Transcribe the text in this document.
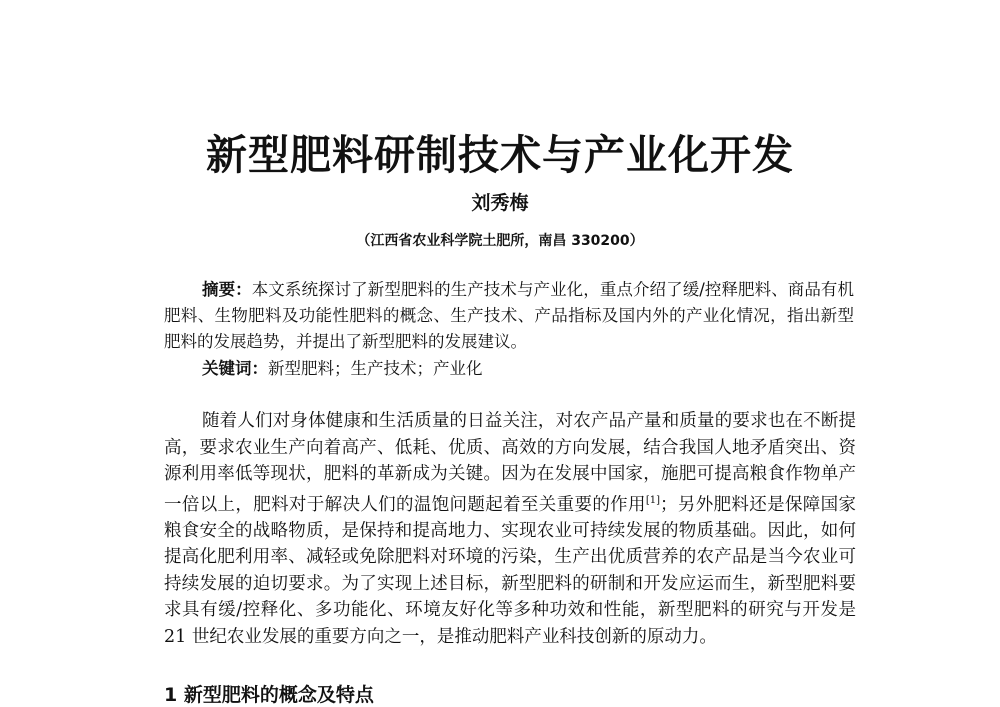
新型肥料研制技术与产业化开发
刘秀梅
（江西省农业科学院土肥所，南昌 330200）
摘要：本文系统探讨了新型肥料的生产技术与产业化，重点介绍了缓/控释肥料、商品有机肥料、生物肥料及功能性肥料的概念、生产技术、产品指标及国内外的产业化情况，指出新型肥料的发展趋势，并提出了新型肥料的发展建议。
关键词：新型肥料；生产技术；产业化
随着人们对身体健康和生活质量的日益关注，对农产品产量和质量的要求也在不断提高，要求农业生产向着高产、低耗、优质、高效的方向发展，结合我国人地矛盾突出、资源利用率低等现状，肥料的革新成为关键。因为在发展中国家，施肥可提高粮食作物单产一倍以上，肥料对于解决人们的温饱问题起着至关重要的作用[1]；另外肥料还是保障国家粮食安全的战略物质，是保持和提高地力、实现农业可持续发展的物质基础。因此，如何提高化肥利用率、减轻或免除肥料对环境的污染，生产出优质营养的农产品是当今农业可持续发展的迫切要求。为了实现上述目标，新型肥料的研制和开发应运而生，新型肥料要求具有缓/控释化、多功能化、环境友好化等多种功效和性能，新型肥料的研究与开发是 21 世纪农业发展的重要方向之一，是推动肥料产业科技创新的原动力。
1 新型肥料的概念及特点
